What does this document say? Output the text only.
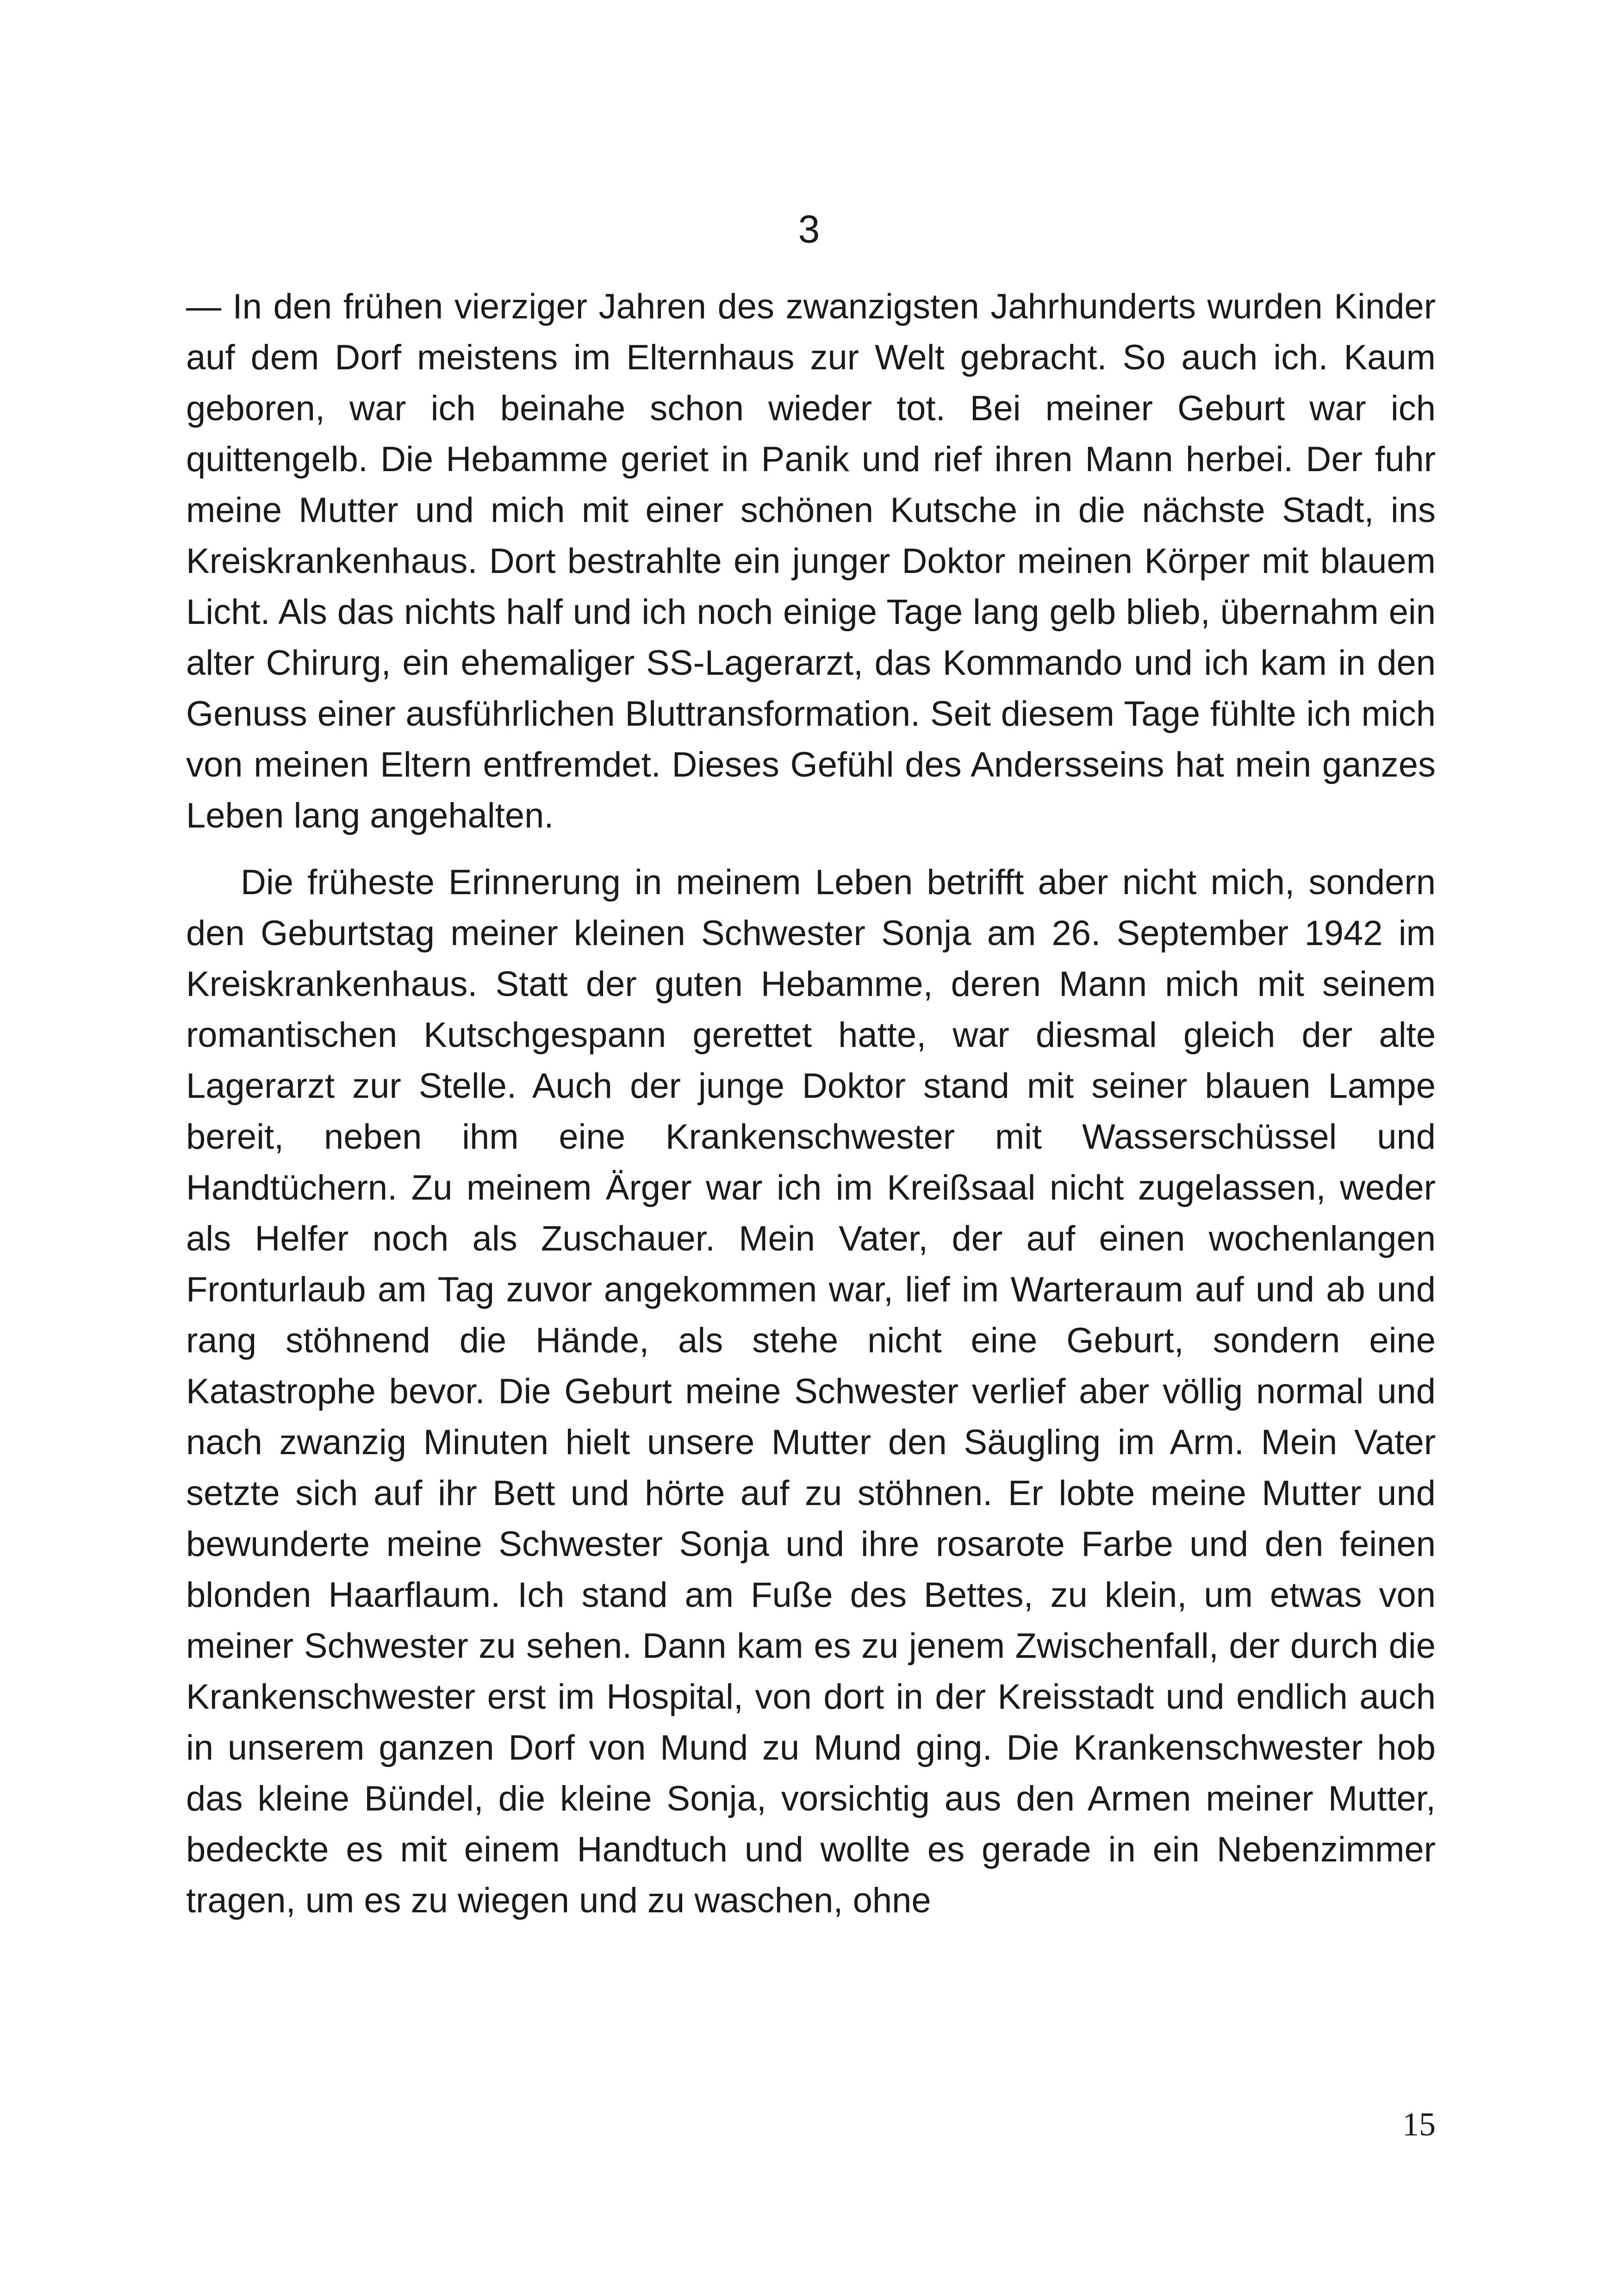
3

— In den frühen vierziger Jahren des zwanzigsten Jahrhunderts wurden Kinder auf dem Dorf meistens im Elternhaus zur Welt gebracht. So auch ich. Kaum geboren, war ich beinahe schon wieder tot. Bei meiner Geburt war ich quittengelb. Die Hebamme geriet in Panik und rief ihren Mann herbei. Der fuhr meine Mutter und mich mit einer schönen Kutsche in die nächste Stadt, ins Kreiskrankenhaus. Dort bestrahlte ein junger Doktor meinen Körper mit blauem Licht. Als das nichts half und ich noch einige Tage lang gelb blieb, übernahm ein alter Chirurg, ein ehemaliger SS-Lagerarzt, das Kommando und ich kam in den Genuss einer ausführlichen Bluttransformation. Seit diesem Tage fühlte ich mich von meinen Eltern entfremdet. Dieses Gefühl des Andersseins hat mein ganzes Leben lang angehalten.

Die früheste Erinnerung in meinem Leben betrifft aber nicht mich, sondern den Geburtstag meiner kleinen Schwester Sonja am 26. September 1942 im Kreiskrankenhaus. Statt der guten Hebamme, deren Mann mich mit seinem romantischen Kutschgespann gerettet hatte, war diesmal gleich der alte Lagerarzt zur Stelle. Auch der junge Doktor stand mit seiner blauen Lampe bereit, neben ihm eine Krankenschwester mit Wasserschüssel und Handtüchern. Zu meinem Ärger war ich im Kreißsaal nicht zugelassen, weder als Helfer noch als Zuschauer. Mein Vater, der auf einen wochenlangen Fronturlaub am Tag zuvor angekommen war, lief im Warteraum auf und ab und rang stöhnend die Hände, als stehe nicht eine Geburt, sondern eine Katastrophe bevor. Die Geburt meine Schwester verlief aber völlig normal und nach zwanzig Minuten hielt unsere Mutter den Säugling im Arm. Mein Vater setzte sich auf ihr Bett und hörte auf zu stöhnen. Er lobte meine Mutter und bewunderte meine Schwester Sonja und ihre rosarote Farbe und den feinen blonden Haarflaum. Ich stand am Fuße des Bettes, zu klein, um etwas von meiner Schwester zu sehen. Dann kam es zu jenem Zwischenfall, der durch die Krankenschwester erst im Hospital, von dort in der Kreisstadt und endlich auch in unserem ganzen Dorf von Mund zu Mund ging. Die Krankenschwester hob das kleine Bündel, die kleine Sonja, vorsichtig aus den Armen meiner Mutter, bedeckte es mit einem Handtuch und wollte es gerade in ein Nebenzimmer tragen, um es zu wiegen und zu waschen, ohne

15
